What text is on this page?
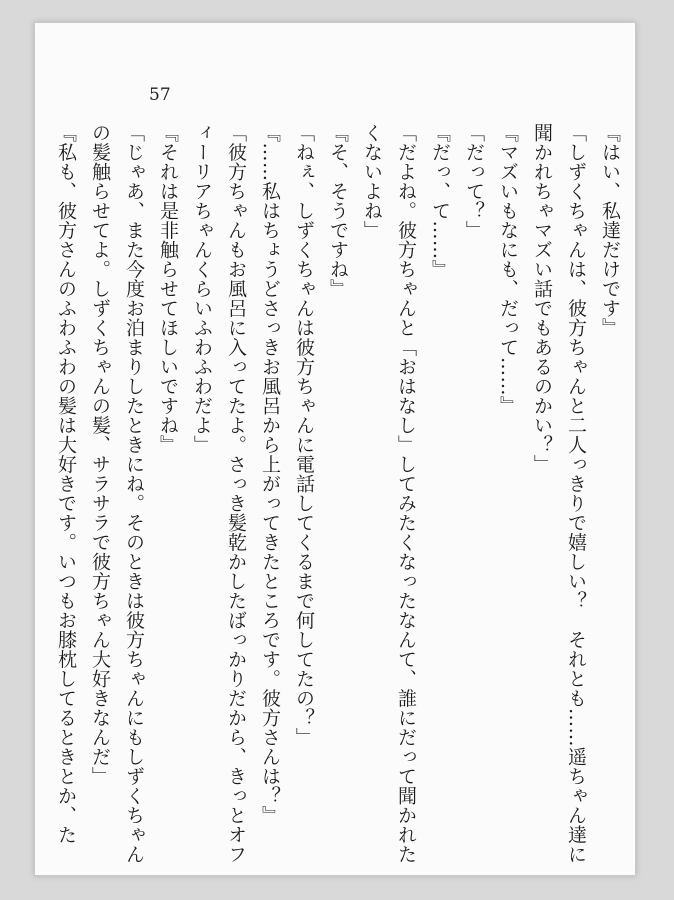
57

『はい、私達だけです』

「しずくちゃんは、彼方ちゃんと二人っきりで嬉しい？　それとも……遥ちゃん達に聞かれちゃマズい話でもあるのかい？」

『マズいもなにも、だって……』

「だって？」

『だっ、て……』

「だよね。彼方ちゃんと「おはなし」してみたくなったなんて、誰にだって聞かれたくないよね」

『そ、そうですね』

「ねぇ、しずくちゃんは彼方ちゃんに電話してくるまで何してたの？」

『……私はちょうどさっきお風呂から上がってきたところです。彼方さんは？』

「彼方ちゃんもお風呂に入ってたよ。さっき髪乾かしたばっかりだから、きっとオフィーリアちゃんくらいふわふわだよ」

『それは是非触らせてほしいですね』

「じゃあ、また今度お泊まりしたときにね。そのときは彼方ちゃんにもしずくちゃんの髪触らせてよ。しずくちゃんの髪、サラサラで彼方ちゃん大好きなんだ」

『私も、彼方さんのふわふわの髪は大好きです。いつもお膝枕してるときとか、た
